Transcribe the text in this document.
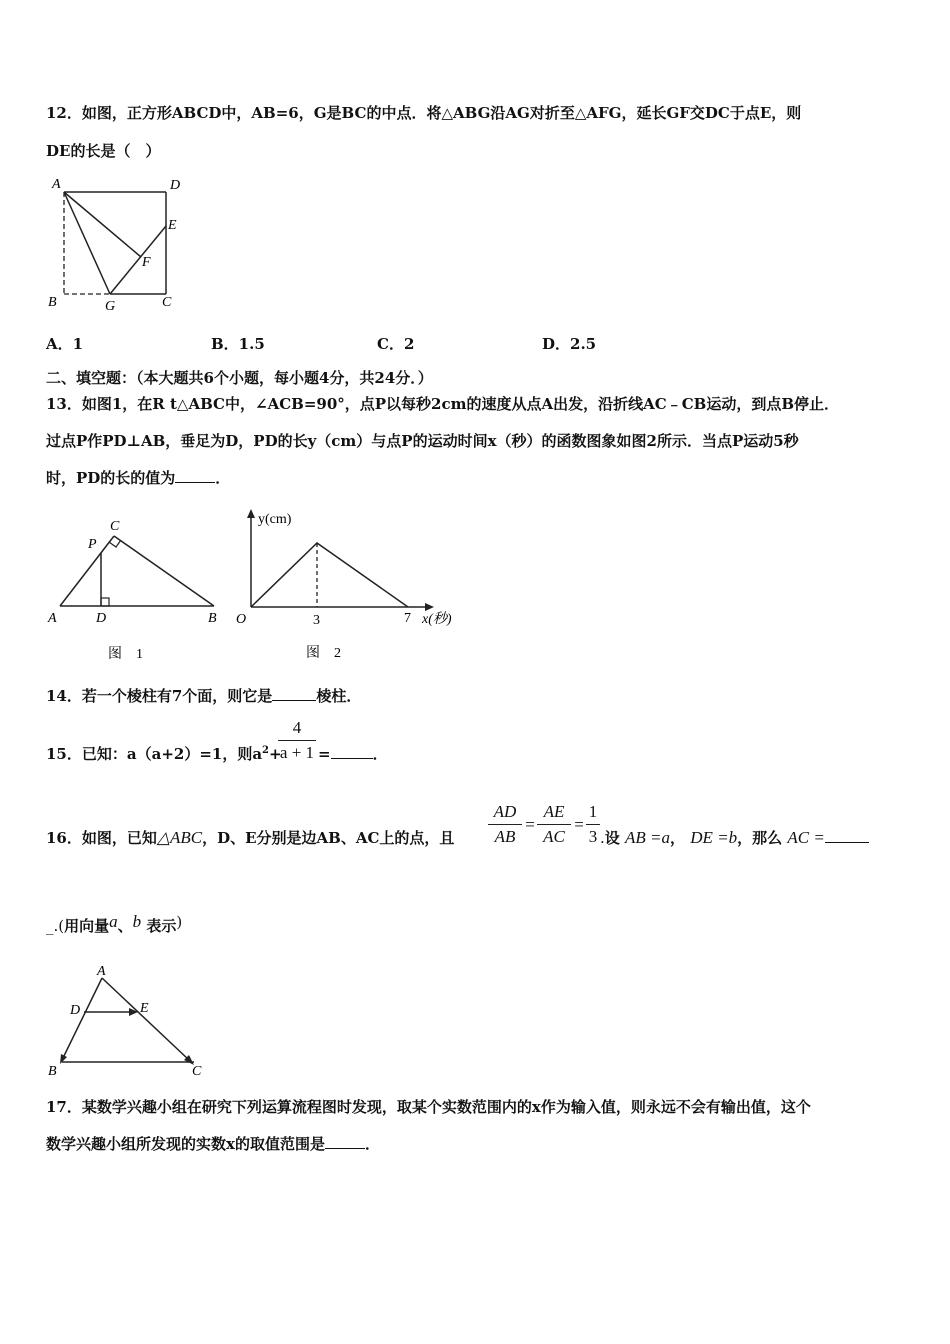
12．如图，正方形ABCD中，AB=6，G是BC的中点．将△ABG沿AG对折至△AFG，延长GF交DC于点E，则
DE的长是（　）
A	D
E
F
B	G	C
A．1	B．1.5	C．2	D．2.5
二、填空题：（本大题共6个小题，每小题4分，共24分．）
13．如图1，在R t△ABC中，∠ACB=90°，点P以每秒2cm的速度从点A出发，沿折线AC﹣CB运动，到点B停止．
过点P作PD⊥AB，垂足为D，PD的长y（cm）与点P的运动时间x（秒）的函数图象如图2所示．当点P运动5秒
时，PD的长的值为	．
C
P
A	D	B
图　1
y(cm)
O	3	7 x(秒)
图　2
14．若一个棱柱有7个面，则它是	棱柱．
15．已知：a（a+2）=1，则$a^2+$
$\frac{4}{a + 1}$ =	．
16．如图，已知△ABC，D、E分别是边AB、AC上的点，且 $\frac{AD}{AB} = \frac{AE}{AC} = \frac{1}{3}$ .设 AB =a， DE =b，那么 AC =
_.(用向量a、b 表示)
A
D	E
B	C
17．某数学兴趣小组在研究下列运算流程图时发现，取某个实数范围内的x作为输入值，则永远不会有输出值，这个
数学兴趣小组所发现的实数x的取值范围是	．
